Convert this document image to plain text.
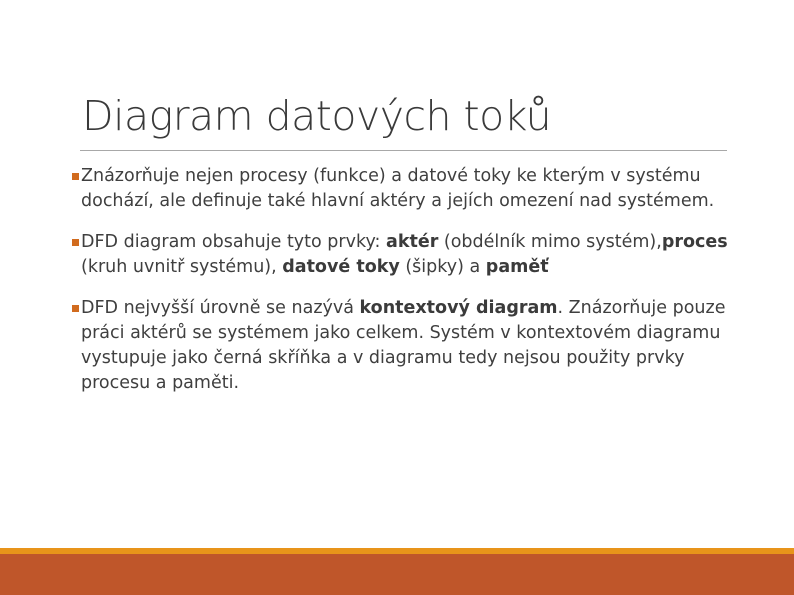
Diagram datových toků
Znázorňuje nejen procesy (funkce) a datové toky ke kterým v systému dochází, ale definuje také hlavní aktéry a jejích omezení nad systémem.
DFD diagram obsahuje tyto prvky: aktér (obdélník mimo systém),proces (kruh uvnitř systému), datové toky (šipky) a paměť
DFD nejvyšší úrovně se nazývá kontextový diagram. Znázorňuje pouze práci aktérů se systémem jako celkem. Systém v kontextovém diagramu vystupuje jako černá skříňka a v diagramu tedy nejsou použity prvky procesu a paměti.
